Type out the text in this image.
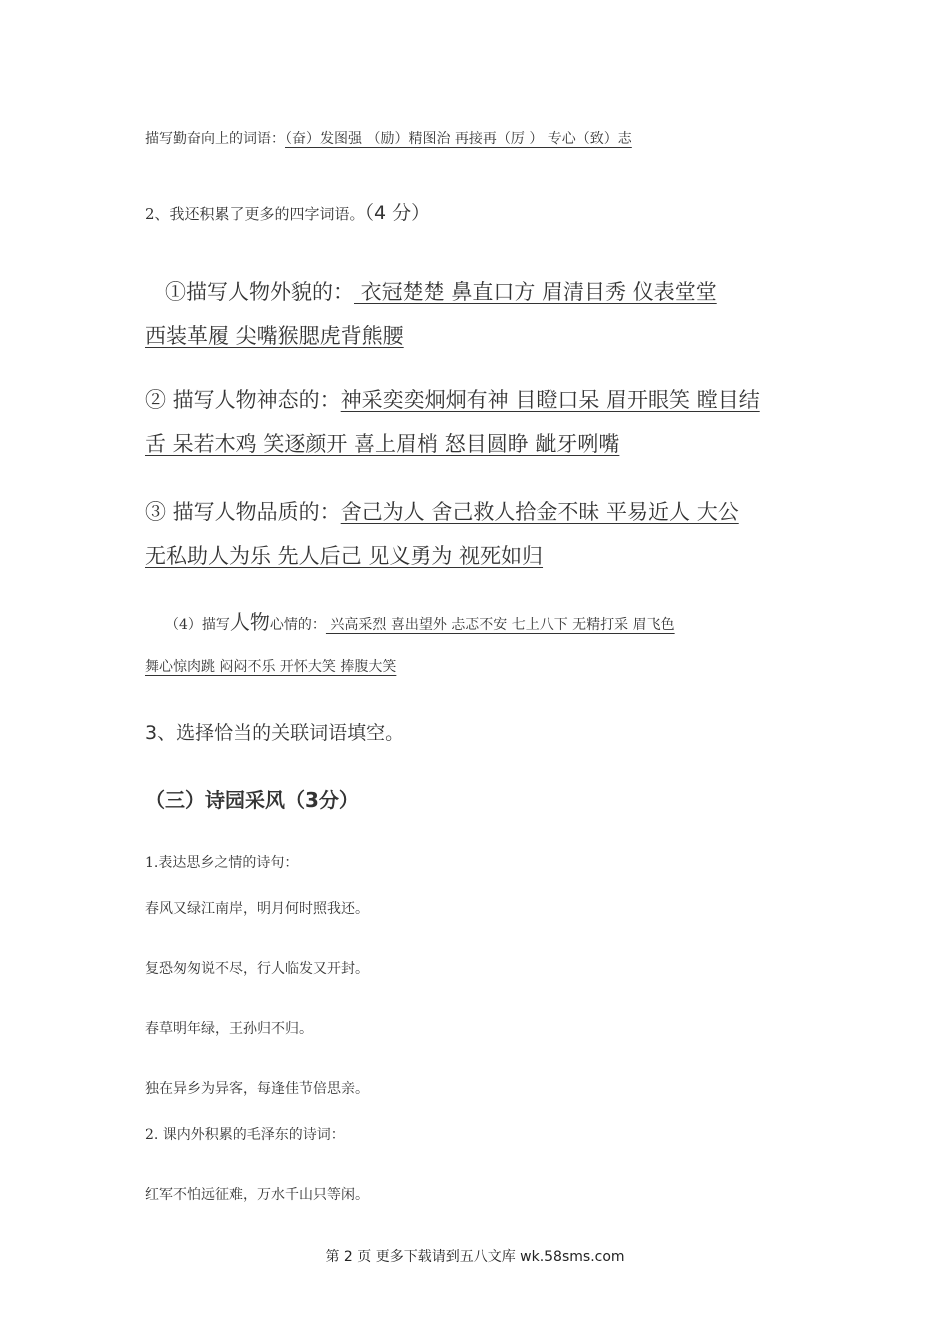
描写勤奋向上的词语：（奋）发图强 （励）精图治 再接再（厉 ） 专心（致）志
2、我还积累了更多的四字词语。（4 分）
①描写人物外貌的： 衣冠楚楚 鼻直口方 眉清目秀 仪表堂堂
西装革履 尖嘴猴腮虎背熊腰
② 描写人物神态的：神采奕奕炯炯有神 目瞪口呆 眉开眼笑 瞠目结
舌 呆若木鸡 笑逐颜开 喜上眉梢 怒目圆睁 龇牙咧嘴
③ 描写人物品质的：舍己为人 舍己救人拾金不昧 平易近人 大公
无私助人为乐 先人后己 见义勇为 视死如归
（4）描写人物心情的： 兴高采烈 喜出望外 忐忑不安 七上八下 无精打采 眉飞色
舞心惊肉跳 闷闷不乐 开怀大笑 捧腹大笑
3、选择恰当的关联词语填空。
（三）诗园采风（3分）
1.表达思乡之情的诗句：
春风又绿江南岸，明月何时照我还。
复恐匆匆说不尽，行人临发又开封。
春草明年绿，王孙归不归。
独在异乡为异客，每逢佳节倍思亲。
2. 课内外积累的毛泽东的诗词：
红军不怕远征难，万水千山只等闲。
第 2 页 更多下载请到五八文库 wk.58sms.com
